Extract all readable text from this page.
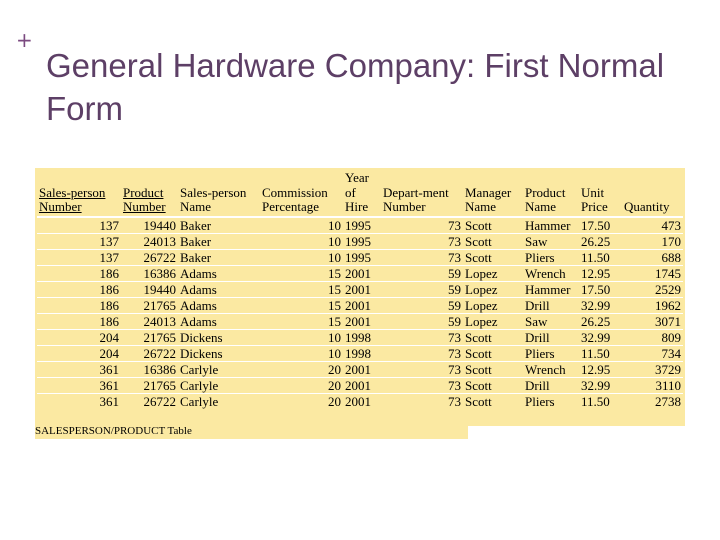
+
General Hardware Company: First Normal Form
Sales-person Number	Product Number	Sales-person Name	Commission Percentage	Year of Hire	Depart-ment Number	Manager Name	Product Name	Unit Price	Quantity
137	19440	Baker	10	1995	73	Scott	Hammer	17.50	473
137	24013	Baker	10	1995	73	Scott	Saw	26.25	170
137	26722	Baker	10	1995	73	Scott	Pliers	11.50	688
186	16386	Adams	15	2001	59	Lopez	Wrench	12.95	1745
186	19440	Adams	15	2001	59	Lopez	Hammer	17.50	2529
186	21765	Adams	15	2001	59	Lopez	Drill	32.99	1962
186	24013	Adams	15	2001	59	Lopez	Saw	26.25	3071
204	21765	Dickens	10	1998	73	Scott	Drill	32.99	809
204	26722	Dickens	10	1998	73	Scott	Pliers	11.50	734
361	16386	Carlyle	20	2001	73	Scott	Wrench	12.95	3729
361	21765	Carlyle	20	2001	73	Scott	Drill	32.99	3110
361	26722	Carlyle	20	2001	73	Scott	Pliers	11.50	2738
SALESPERSON/PRODUCT Table
